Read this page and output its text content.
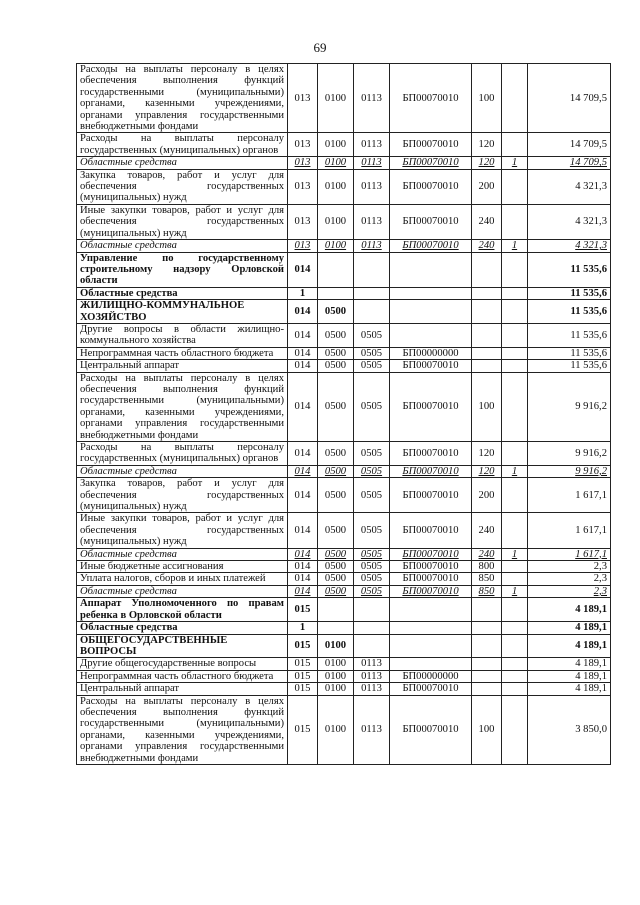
69
Расходы на выплаты персоналу в целях обеспечения выполнения функций государственными (муниципальными) органами, казенными учреждениями, органами управления государственными внебюджетными фондами	013	0100	0113	БП00070010	100		14 709,5
Расходы на выплаты персоналу государственных (муниципальных) органов	013	0100	0113	БП00070010	120		14 709,5
Областные средства	013	0100	0113	БП00070010	120	1	14 709,5
Закупка товаров, работ и услуг для обеспечения государственных (муниципальных) нужд	013	0100	0113	БП00070010	200		4 321,3
Иные закупки товаров, работ и услуг для обеспечения государственных (муниципальных) нужд	013	0100	0113	БП00070010	240		4 321,3
Областные средства	013	0100	0113	БП00070010	240	1	4 321,3
Управление по государственному строительному надзору Орловской области	014						11 535,6
Областные средства	1						11 535,6
ЖИЛИЩНО-КОММУНАЛЬНОЕ ХОЗЯЙСТВО	014	0500					11 535,6
Другие вопросы в области жилищно-коммунального хозяйства	014	0500	0505				11 535,6
Непрограммная часть областного бюджета	014	0500	0505	БП00000000			11 535,6
Центральный аппарат	014	0500	0505	БП00070010			11 535,6
Расходы на выплаты персоналу в целях обеспечения выполнения функций государственными (муниципальными) органами, казенными учреждениями, органами управления государственными внебюджетными фондами	014	0500	0505	БП00070010	100		9 916,2
Расходы на выплаты персоналу государственных (муниципальных) органов	014	0500	0505	БП00070010	120		9 916,2
Областные средства	014	0500	0505	БП00070010	120	1	9 916,2
Закупка товаров, работ и услуг для обеспечения государственных (муниципальных) нужд	014	0500	0505	БП00070010	200		1 617,1
Иные закупки товаров, работ и услуг для обеспечения государственных (муниципальных) нужд	014	0500	0505	БП00070010	240		1 617,1
Областные средства	014	0500	0505	БП00070010	240	1	1 617,1
Иные бюджетные ассигнования	014	0500	0505	БП00070010	800		2,3
Уплата налогов, сборов и иных платежей	014	0500	0505	БП00070010	850		2,3
Областные средства	014	0500	0505	БП00070010	850	1	2,3
Аппарат Уполномоченного по правам ребенка в Орловской области	015						4 189,1
Областные средства	1						4 189,1
ОБЩЕГОСУДАРСТВЕННЫЕ ВОПРОСЫ	015	0100					4 189,1
Другие общегосударственные вопросы	015	0100	0113				4 189,1
Непрограммная часть областного бюджета	015	0100	0113	БП00000000			4 189,1
Центральный аппарат	015	0100	0113	БП00070010			4 189,1
Расходы на выплаты персоналу в целях обеспечения выполнения функций государственными (муниципальными) органами, казенными учреждениями, органами управления государственными внебюджетными фондами	015	0100	0113	БП00070010	100		3 850,0
